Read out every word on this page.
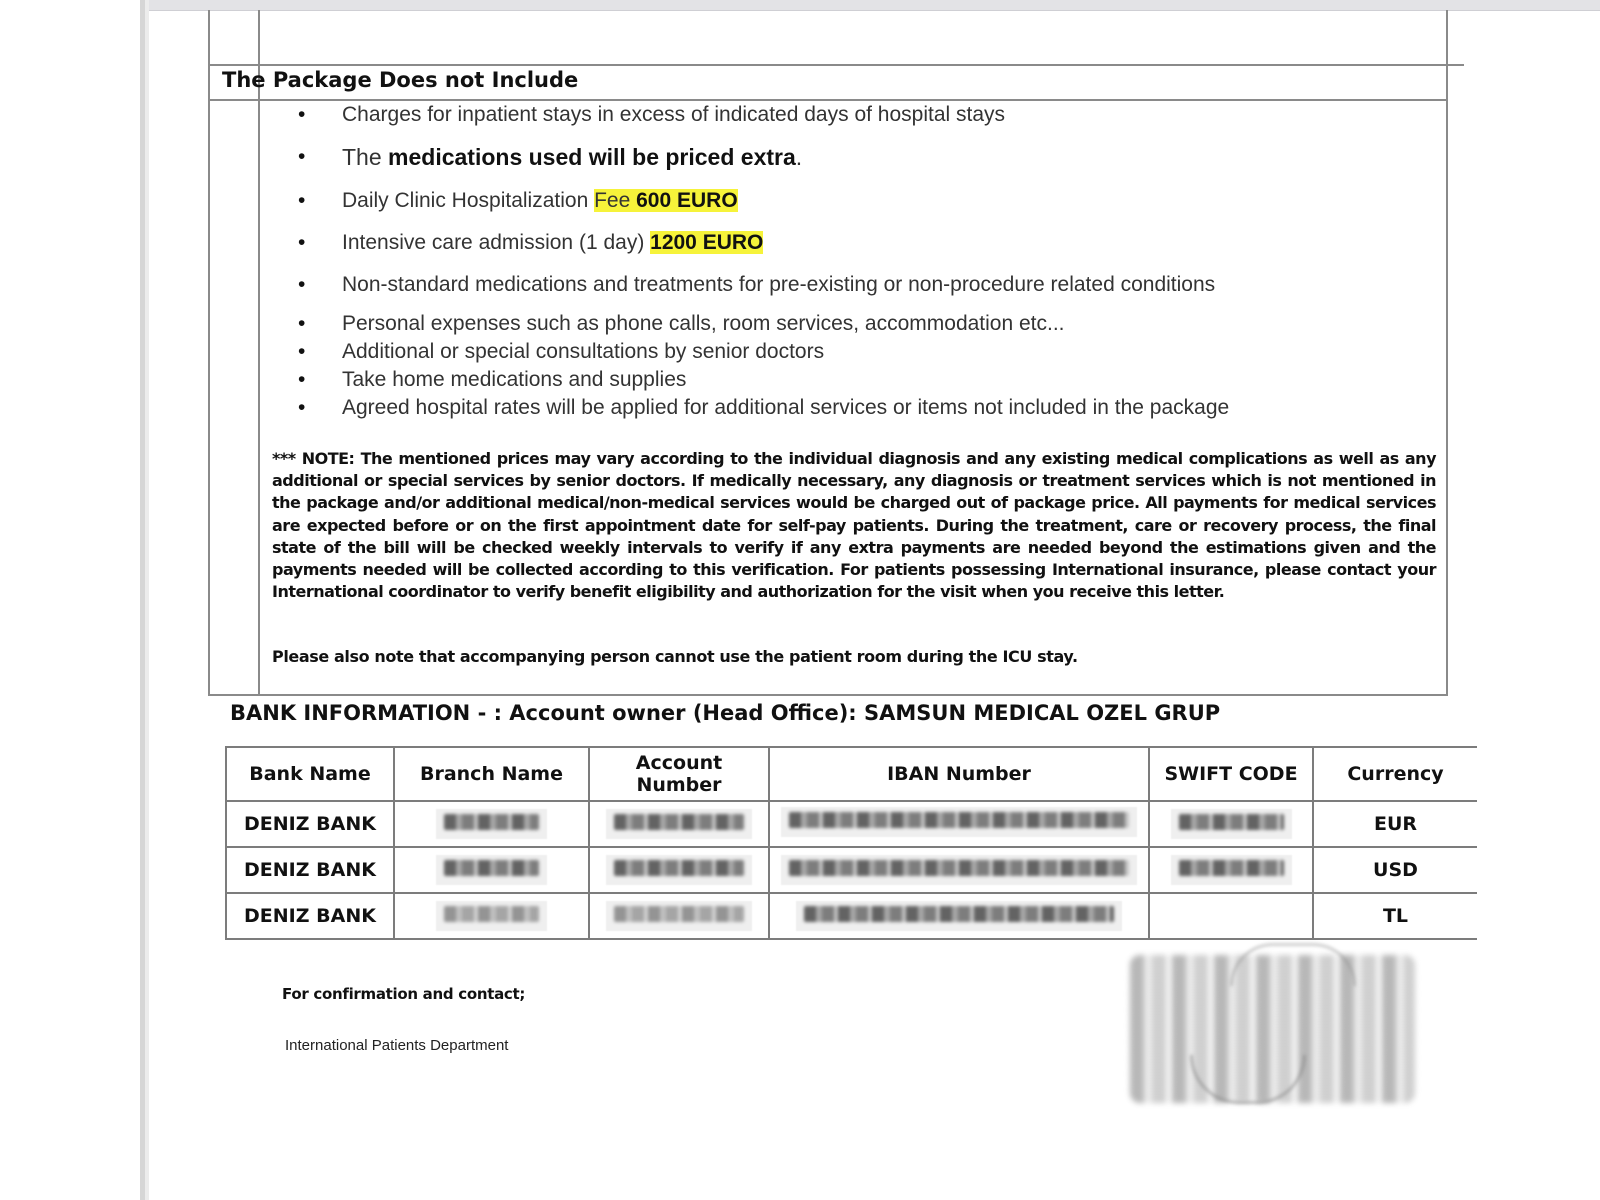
The Package Does not Include
• Charges for inpatient stays in excess of indicated days of hospital stays
• The medications used will be priced extra.
• Daily Clinic Hospitalization Fee 600 EURO
• Intensive care admission (1 day) 1200 EURO
• Non-standard medications and treatments for pre-existing or non-procedure related conditions
• Personal expenses such as phone calls, room services, accommodation etc...
• Additional or special consultations by senior doctors
• Take home medications and supplies
• Agreed hospital rates will be applied for additional services or items not included in the package

*** NOTE: The mentioned prices may vary according to the individual diagnosis and any existing medical complications as well as any additional or special services by senior doctors. If medically necessary, any diagnosis or treatment services which is not mentioned in the package and/or additional medical/non-medical services would be charged out of package price. All payments for medical services are expected before or on the first appointment date for self-pay patients. During the treatment, care or recovery process, the final state of the bill will be checked weekly intervals to verify if any extra payments are needed beyond the estimations given and the payments needed will be collected according to this verification. For patients possessing International insurance, please contact your International coordinator to verify benefit eligibility and authorization for the visit when you receive this letter.

Please also note that accompanying person cannot use the patient room during the ICU stay.

BANK INFORMATION - : Account owner (Head Office): SAMSUN MEDICAL OZEL GRUP
Bank Name	Branch Name	Account Number	IBAN Number	SWIFT CODE	Currency
DENIZ BANK					EUR
DENIZ BANK					USD
DENIZ BANK					TL
For confirmation and contact;
International Patients Department
